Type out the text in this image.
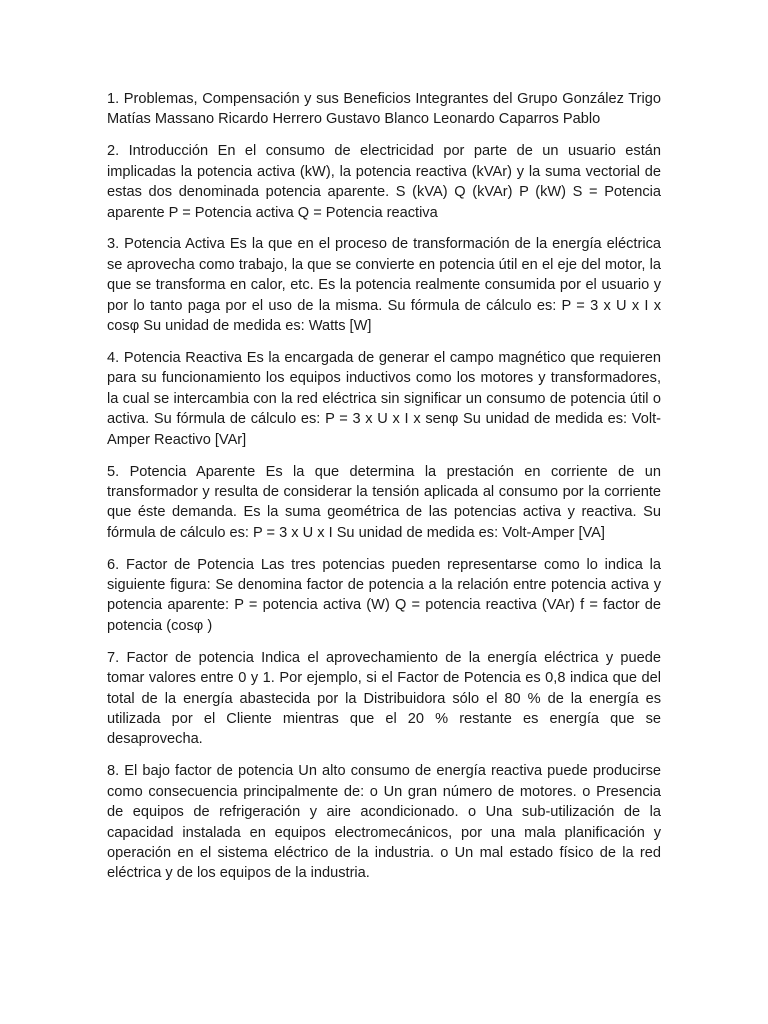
1. Problemas, Compensación y sus Beneficios Integrantes del Grupo González Trigo Matías Massano Ricardo Herrero Gustavo Blanco Leonardo Caparros Pablo

2. Introducción En el consumo de electricidad por parte de un usuario están implicadas la potencia activa (kW), la potencia reactiva (kVAr) y la suma vectorial de estas dos denominada potencia aparente. S (kVA) Q (kVAr) P (kW) S = Potencia aparente P = Potencia activa Q = Potencia reactiva

3. Potencia Activa Es la que en el proceso de transformación de la energía eléctrica se aprovecha como trabajo, la que se convierte en potencia útil en el eje del motor, la que se transforma en calor, etc. Es la potencia realmente consumida por el usuario y por lo tanto paga por el uso de la misma. Su fórmula de cálculo es: P = 3 x U x I x cosφ Su unidad de medida es: Watts [W]

4. Potencia Reactiva Es la encargada de generar el campo magnético que requieren para su funcionamiento los equipos inductivos como los motores y transformadores, la cual se intercambia con la red eléctrica sin significar un consumo de potencia útil o activa. Su fórmula de cálculo es: P = 3 x U x I x senφ Su unidad de medida es: Volt-Amper Reactivo [VAr]

5. Potencia Aparente Es la que determina la prestación en corriente de un transformador y resulta de considerar la tensión aplicada al consumo por la corriente que éste demanda. Es la suma geométrica de las potencias activa y reactiva. Su fórmula de cálculo es: P = 3 x U x I Su unidad de medida es: Volt-Amper [VA]

6. Factor de Potencia Las tres potencias pueden representarse como lo indica la siguiente figura: Se denomina factor de potencia a la relación entre potencia activa y potencia aparente: P = potencia activa (W) Q = potencia reactiva (VAr) f = factor de potencia (cosφ )

7. Factor de potencia Indica el aprovechamiento de la energía eléctrica y puede tomar valores entre 0 y 1. Por ejemplo, si el Factor de Potencia es 0,8 indica que del total de la energía abastecida por la Distribuidora sólo el 80 % de la energía es utilizada por el Cliente mientras que el 20 % restante es energía que se desaprovecha.

8. El bajo factor de potencia Un alto consumo de energía reactiva puede producirse como consecuencia principalmente de: o Un gran número de motores. o Presencia de equipos de refrigeración y aire acondicionado. o Una sub-utilización de la capacidad instalada en equipos electromecánicos, por una mala planificación y operación en el sistema eléctrico de la industria. o Un mal estado físico de la red eléctrica y de los equipos de la industria.
